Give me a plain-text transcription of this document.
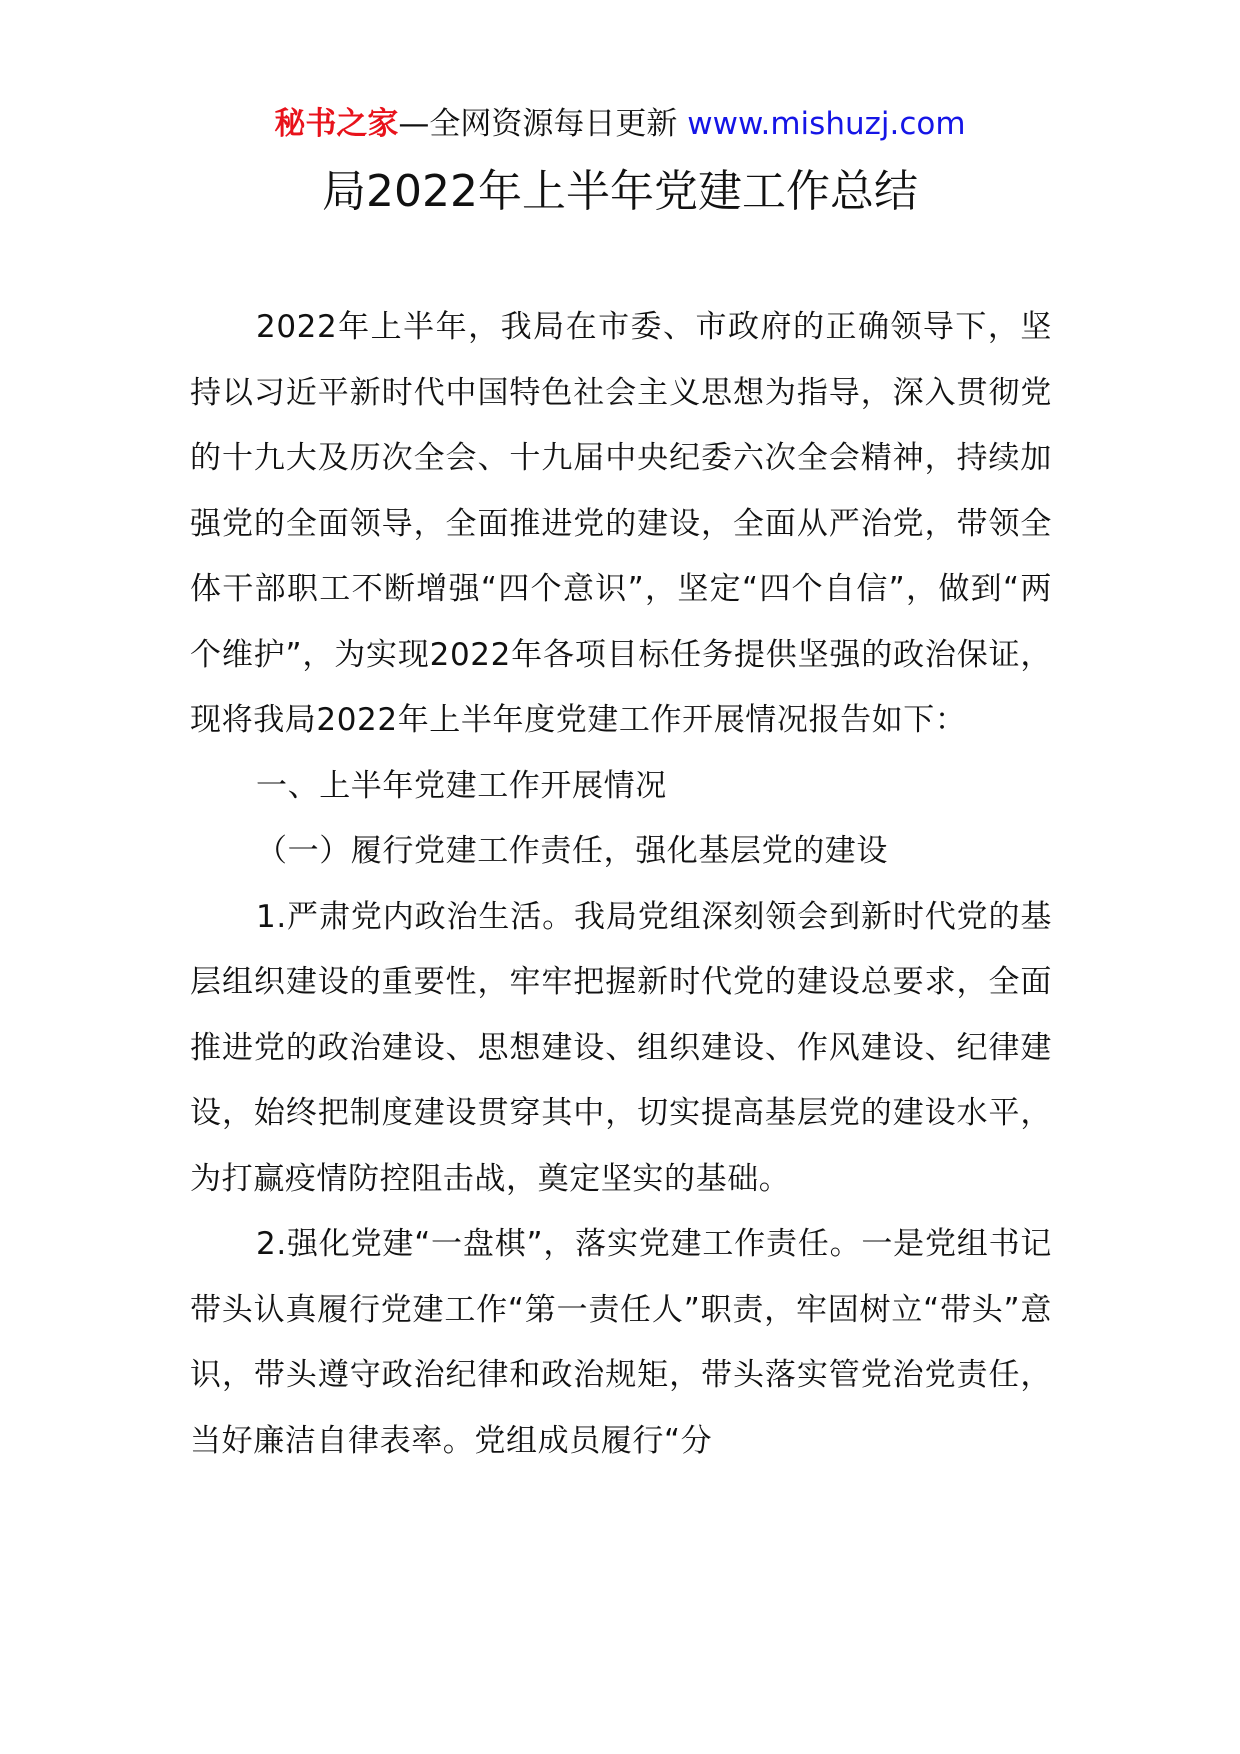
秘书之家—全网资源每日更新 www.mishuzj.com
局2022年上半年党建工作总结

2022年上半年，我局在市委、市政府的正确领导下，坚持以习近平新时代中国特色社会主义思想为指导，深入贯彻党的十九大及历次全会、十九届中央纪委六次全会精神，持续加强党的全面领导，全面推进党的建设，全面从严治党，带领全体干部职工不断增强“四个意识”，坚定“四个自信”，做到“两个维护”，为实现2022年各项目标任务提供坚强的政治保证，现将我局2022年上半年度党建工作开展情况报告如下：

一、上半年党建工作开展情况

（一）履行党建工作责任，强化基层党的建设

1.严肃党内政治生活。我局党组深刻领会到新时代党的基层组织建设的重要性，牢牢把握新时代党的建设总要求，全面推进党的政治建设、思想建设、组织建设、作风建设、纪律建设，始终把制度建设贯穿其中，切实提高基层党的建设水平，为打赢疫情防控阻击战，奠定坚实的基础。

2.强化党建“一盘棋”，落实党建工作责任。一是党组书记带头认真履行党建工作“第一责任人”职责，牢固树立“带头”意识，带头遵守政治纪律和政治规矩，带头落实管党治党责任，当好廉洁自律表率。党组成员履行“分
